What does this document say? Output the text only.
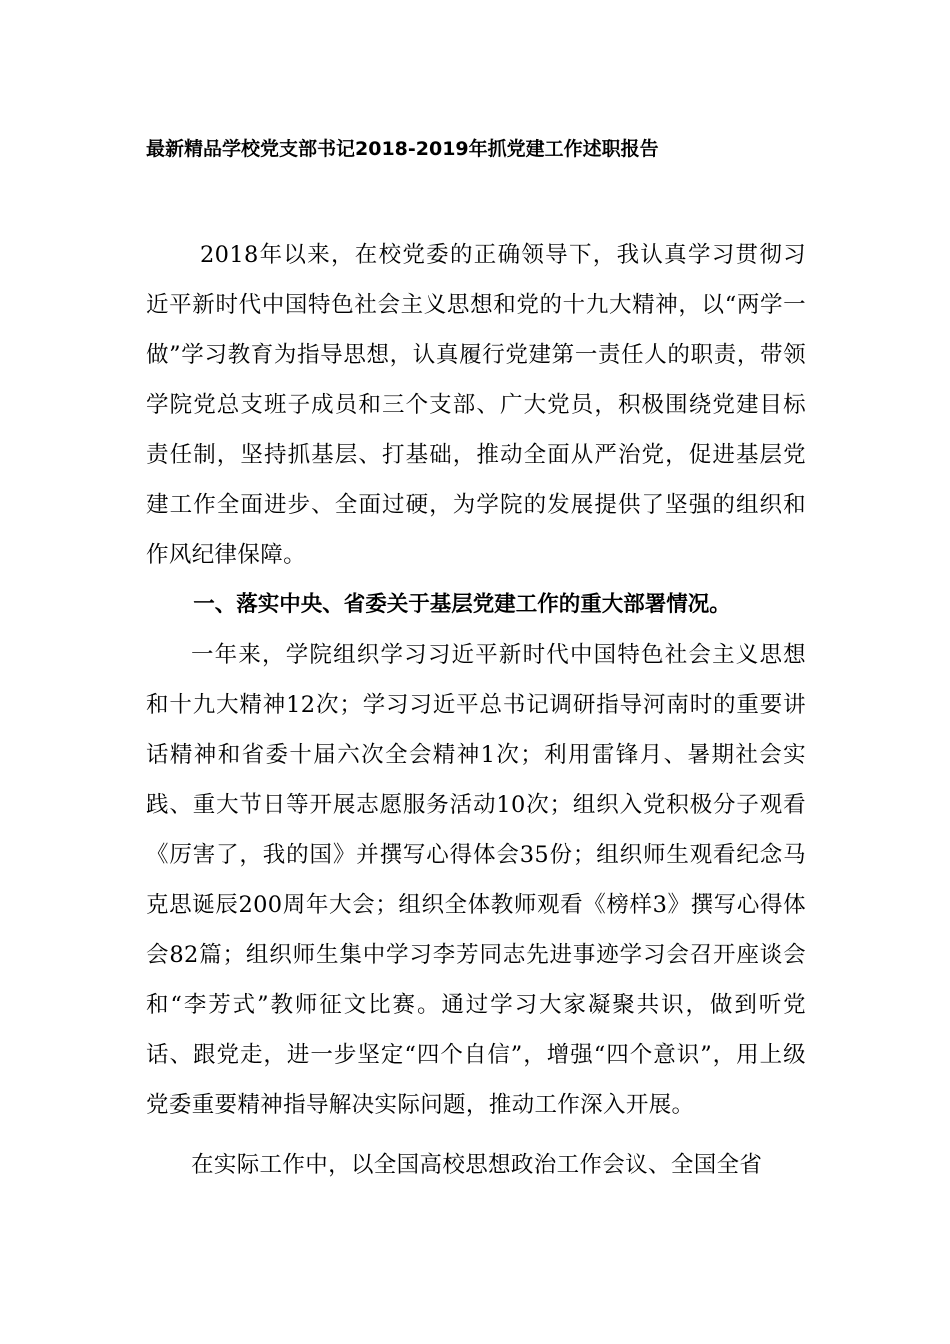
最新精品学校党支部书记2018-2019年抓党建工作述职报告

2018年以来，在校党委的正确领导下，我认真学习贯彻习近平新时代中国特色社会主义思想和党的十九大精神，以“两学一做”学习教育为指导思想，认真履行党建第一责任人的职责，带领学院党总支班子成员和三个支部、广大党员，积极围绕党建目标责任制，坚持抓基层、打基础，推动全面从严治党，促进基层党建工作全面进步、全面过硬，为学院的发展提供了坚强的组织和作风纪律保障。

一、落实中央、省委关于基层党建工作的重大部署情况。

一年来，学院组织学习习近平新时代中国特色社会主义思想和十九大精神12次；学习习近平总书记调研指导河南时的重要讲话精神和省委十届六次全会精神1次；利用雷锋月、暑期社会实践、重大节日等开展志愿服务活动10次；组织入党积极分子观看《厉害了，我的国》并撰写心得体会35份；组织师生观看纪念马克思诞辰200周年大会；组织全体教师观看《榜样3》撰写心得体会82篇；组织师生集中学习李芳同志先进事迹学习会召开座谈会和“李芳式”教师征文比赛。通过学习大家凝聚共识，做到听党话、跟党走，进一步坚定“四个自信”，增强“四个意识”，用上级党委重要精神指导解决实际问题，推动工作深入开展。

在实际工作中，以全国高校思想政治工作会议、全国全省
